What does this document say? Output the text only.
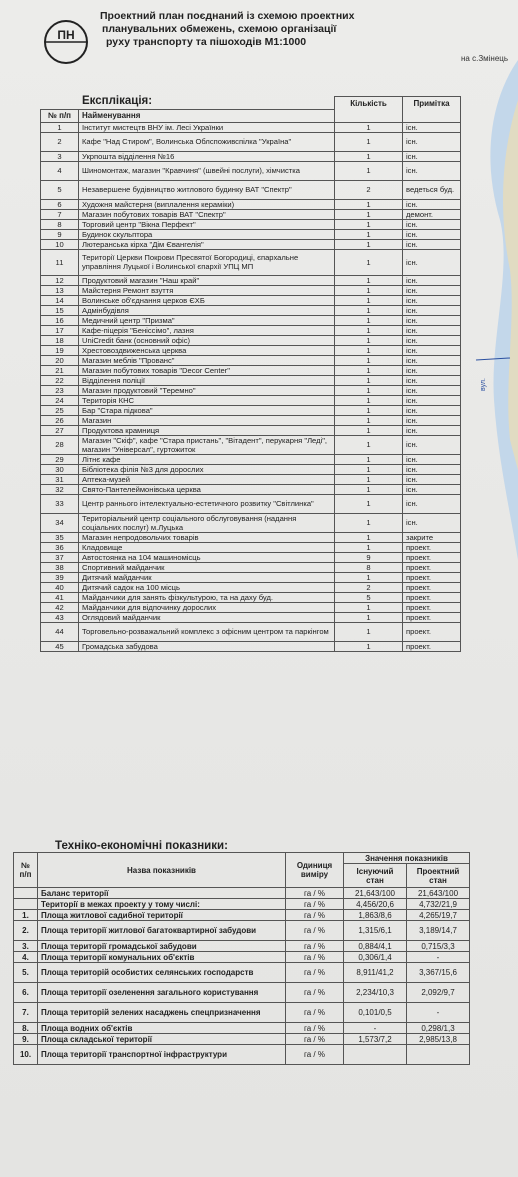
вул.
на с.Змінець
ПН
Проектний план поєднаний із схемою проектних
планувальних обмежень, схемою організації
руху транспорту та пішоходів М1:1000
Експлікація:
			Кількість	Примітка
№ п/п	Найменування		
1	Інститут мистецтв ВНУ ім. Лесі Українки	1	існ.
2	Кафе "Над Стиром", Волинська Облспоживспілка "Україна"	1	існ.
3	Укрпошта відділення №16	1	існ.
4	Шиномонтаж, магазин "Кравчиня" (швейні послуги), хімчистка	1	існ.
5	Незавершене будівництво житлового будинку ВАТ "Спектр"	2	ведеться буд.
6	Художня майстерня (виплалення кераміки)	1	існ.
7	Магазин побутових товарів ВАТ "Спектр"	1	демонт.
8	Торговий центр "Вікна Перфект"	1	існ.
9	Будинок скульптора	1	існ.
10	Лютеранська кірха "Дім Євангелія"	1	існ.
11	Території Церкви Покрови Пресвятої Богородиці, єпархальне управління Луцької і Волинської єпархії УПЦ МП	1	існ.
12	Продуктовий магазин "Наш край"	1	існ.
13	Майстерня Ремонт взуття	1	існ.
14	Волинське об'єднання церков ЄХБ	1	існ.
15	Адмінбудівля	1	існ.
16	Медичний центр "Призма"	1	існ.
17	Кафе-піцерія "Беніссімо", лазня	1	існ.
18	UniCredit банк (основний офіс)	1	існ.
19	Хрестовоздвиженська церква	1	існ.
20	Магазин меблів "Прованс"	1	існ.
21	Магазин побутових товарів "Decor Center"	1	існ.
22	Відділення поліції	1	існ.
23	Магазин продуктовий "Теремно"	1	існ.
24	Територія КНС	1	існ.
25	Бар "Стара підкова"	1	існ.
26	Магазин	1	існ.
27	Продуктова крамниця	1	існ.
28	Магазин "Скіф", кафе "Стара пристань", "Вітадент", перукарня "Леді", магазин "Універсал", гуртожиток	1	існ.
29	Літнє кафе	1	існ.
30	Бібліотека філія №3 для дорослих	1	існ.
31	Аптека-музей	1	існ.
32	Свято-Пантелеймонівська церква	1	існ.
33	Центр раннього інтелектуально-естетичного розвитку "Світлинка"	1	існ.
34	Територіальний центр соціального обслуговування (надання соціальних послуг) м.Луцька	1	існ.
35	Магазин непродовольчих товарів	1	закрите
36	Кладовище	1	проект.
37	Автостоянка на 104 машиномісць	9	проект.
38	Спортивний майданчик	8	проект.
39	Дитячий майданчик	1	проект.
40	Дитячий садок на 100 місць	2	проект.
41	Майданчики для занять фізкультурою, та на даху буд.	5	проект.
42	Майданчики для відпочинку дорослих	1	проект.
43	Оглядовий майданчик	1	проект.
44	Торговельно-розважальний комплекс з офісним центром та паркінгом	1	проект.
45	Громадська забудова	1	проект.
Техніко-економічні показники:
№ п/п	Назва показників	Одиниця виміру	Значення показників	
			Існуючий стан	Проектний стан
	Баланс території	га / %	21,643/100	21,643/100
	Території в межах проекту у тому числі:	га / %	4,456/20,6	4,732/21,9
1.	Площа житлової садибної території	га / %	1,863/8,6	4,265/19,7
2.	Площа території житлової багатоквартирної забудови	га / %	1,315/6,1	3,189/14,7
3.	Площа території громадської забудови	га / %	0,884/4,1	0,715/3,3
4.	Площа території комунальних об'єктів	га / %	0,306/1,4	-
5.	Площа територій особистих селянських господарств	га / %	8,911/41,2	3,367/15,6
6.	Площа території озеленення загального користування	га / %	2,234/10,3	2,092/9,7
7.	Площа територій зелених насаджень спецпризначення	га / %	0,101/0,5	-
8.	Площа водних об'єктів	га / %	-	0,298/1,3
9.	Площа складської території	га / %	1,573/7,2	2,985/13,8
10.	Площа території транспортної інфраструктури	га / %		
